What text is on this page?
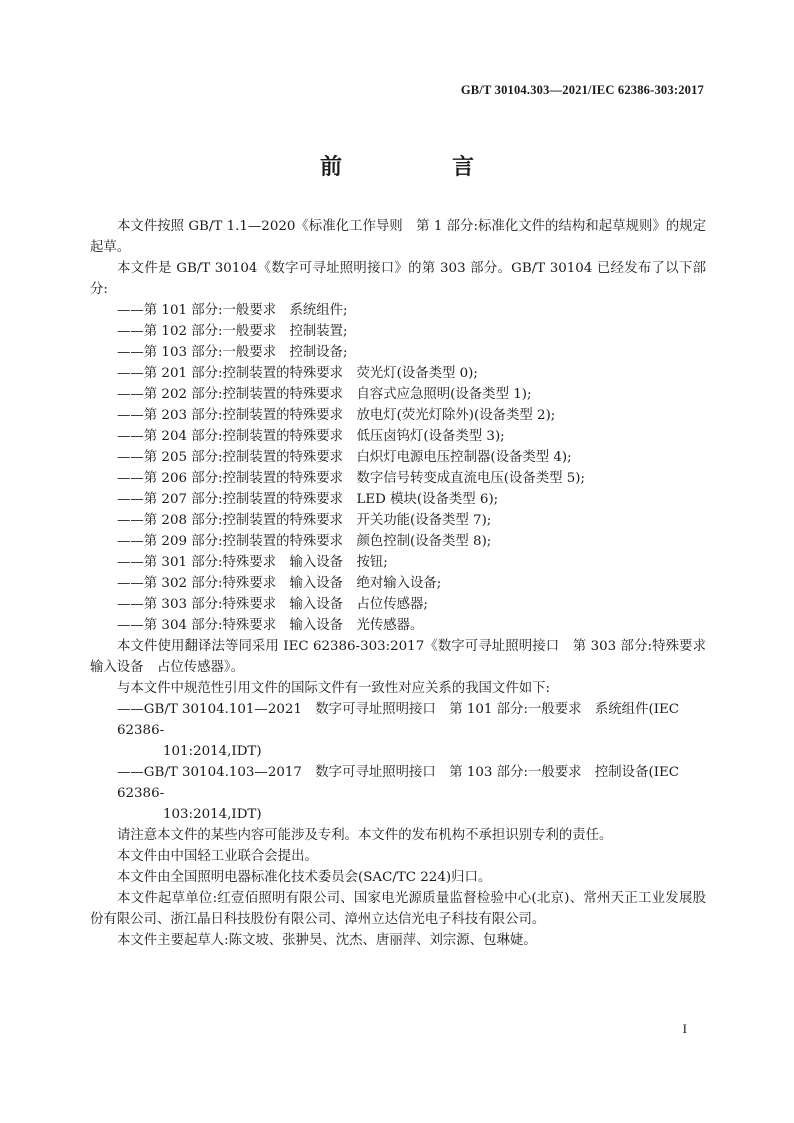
GB/T 30104.303—2021/IEC 62386-303:2017
前　言

本文件按照 GB/T 1.1—2020《标准化工作导则　第 1 部分:标准化文件的结构和起草规则》的规定起草。

本文件是 GB/T 30104《数字可寻址照明接口》的第 303 部分。GB/T 30104 已经发布了以下部分:

——第 101 部分:一般要求　系统组件;

——第 102 部分:一般要求　控制装置;

——第 103 部分:一般要求　控制设备;

——第 201 部分:控制装置的特殊要求　荧光灯(设备类型 0);

——第 202 部分:控制装置的特殊要求　自容式应急照明(设备类型 1);

——第 203 部分:控制装置的特殊要求　放电灯(荧光灯除外)(设备类型 2);

——第 204 部分:控制装置的特殊要求　低压卤钨灯(设备类型 3);

——第 205 部分:控制装置的特殊要求　白炽灯电源电压控制器(设备类型 4);

——第 206 部分:控制装置的特殊要求　数字信号转变成直流电压(设备类型 5);

——第 207 部分:控制装置的特殊要求　LED 模块(设备类型 6);

——第 208 部分:控制装置的特殊要求　开关功能(设备类型 7);

——第 209 部分:控制装置的特殊要求　颜色控制(设备类型 8);

——第 301 部分:特殊要求　输入设备　按钮;

——第 302 部分:特殊要求　输入设备　绝对输入设备;

——第 303 部分:特殊要求　输入设备　占位传感器;

——第 304 部分:特殊要求　输入设备　光传感器。

本文件使用翻译法等同采用 IEC 62386-303:2017《数字可寻址照明接口　第 303 部分:特殊要求　输入设备　占位传感器》。

与本文件中规范性引用文件的国际文件有一致性对应关系的我国文件如下:

——GB/T 30104.101—2021　数字可寻址照明接口　第 101 部分:一般要求　系统组件(IEC 62386-
101:2014,IDT)

——GB/T 30104.103—2017　数字可寻址照明接口　第 103 部分:一般要求　控制设备(IEC 62386-
103:2014,IDT)

请注意本文件的某些内容可能涉及专利。本文件的发布机构不承担识别专利的责任。

本文件由中国轻工业联合会提出。

本文件由全国照明电器标准化技术委员会(SAC/TC 224)归口。

本文件起草单位:红壹佰照明有限公司、国家电光源质量监督检验中心(北京)、常州天正工业发展股份有限公司、浙江晶日科技股份有限公司、漳州立达信光电子科技有限公司。

本文件主要起草人:陈文坡、张翀昊、沈杰、唐丽萍、刘宗源、包琳婕。

I
